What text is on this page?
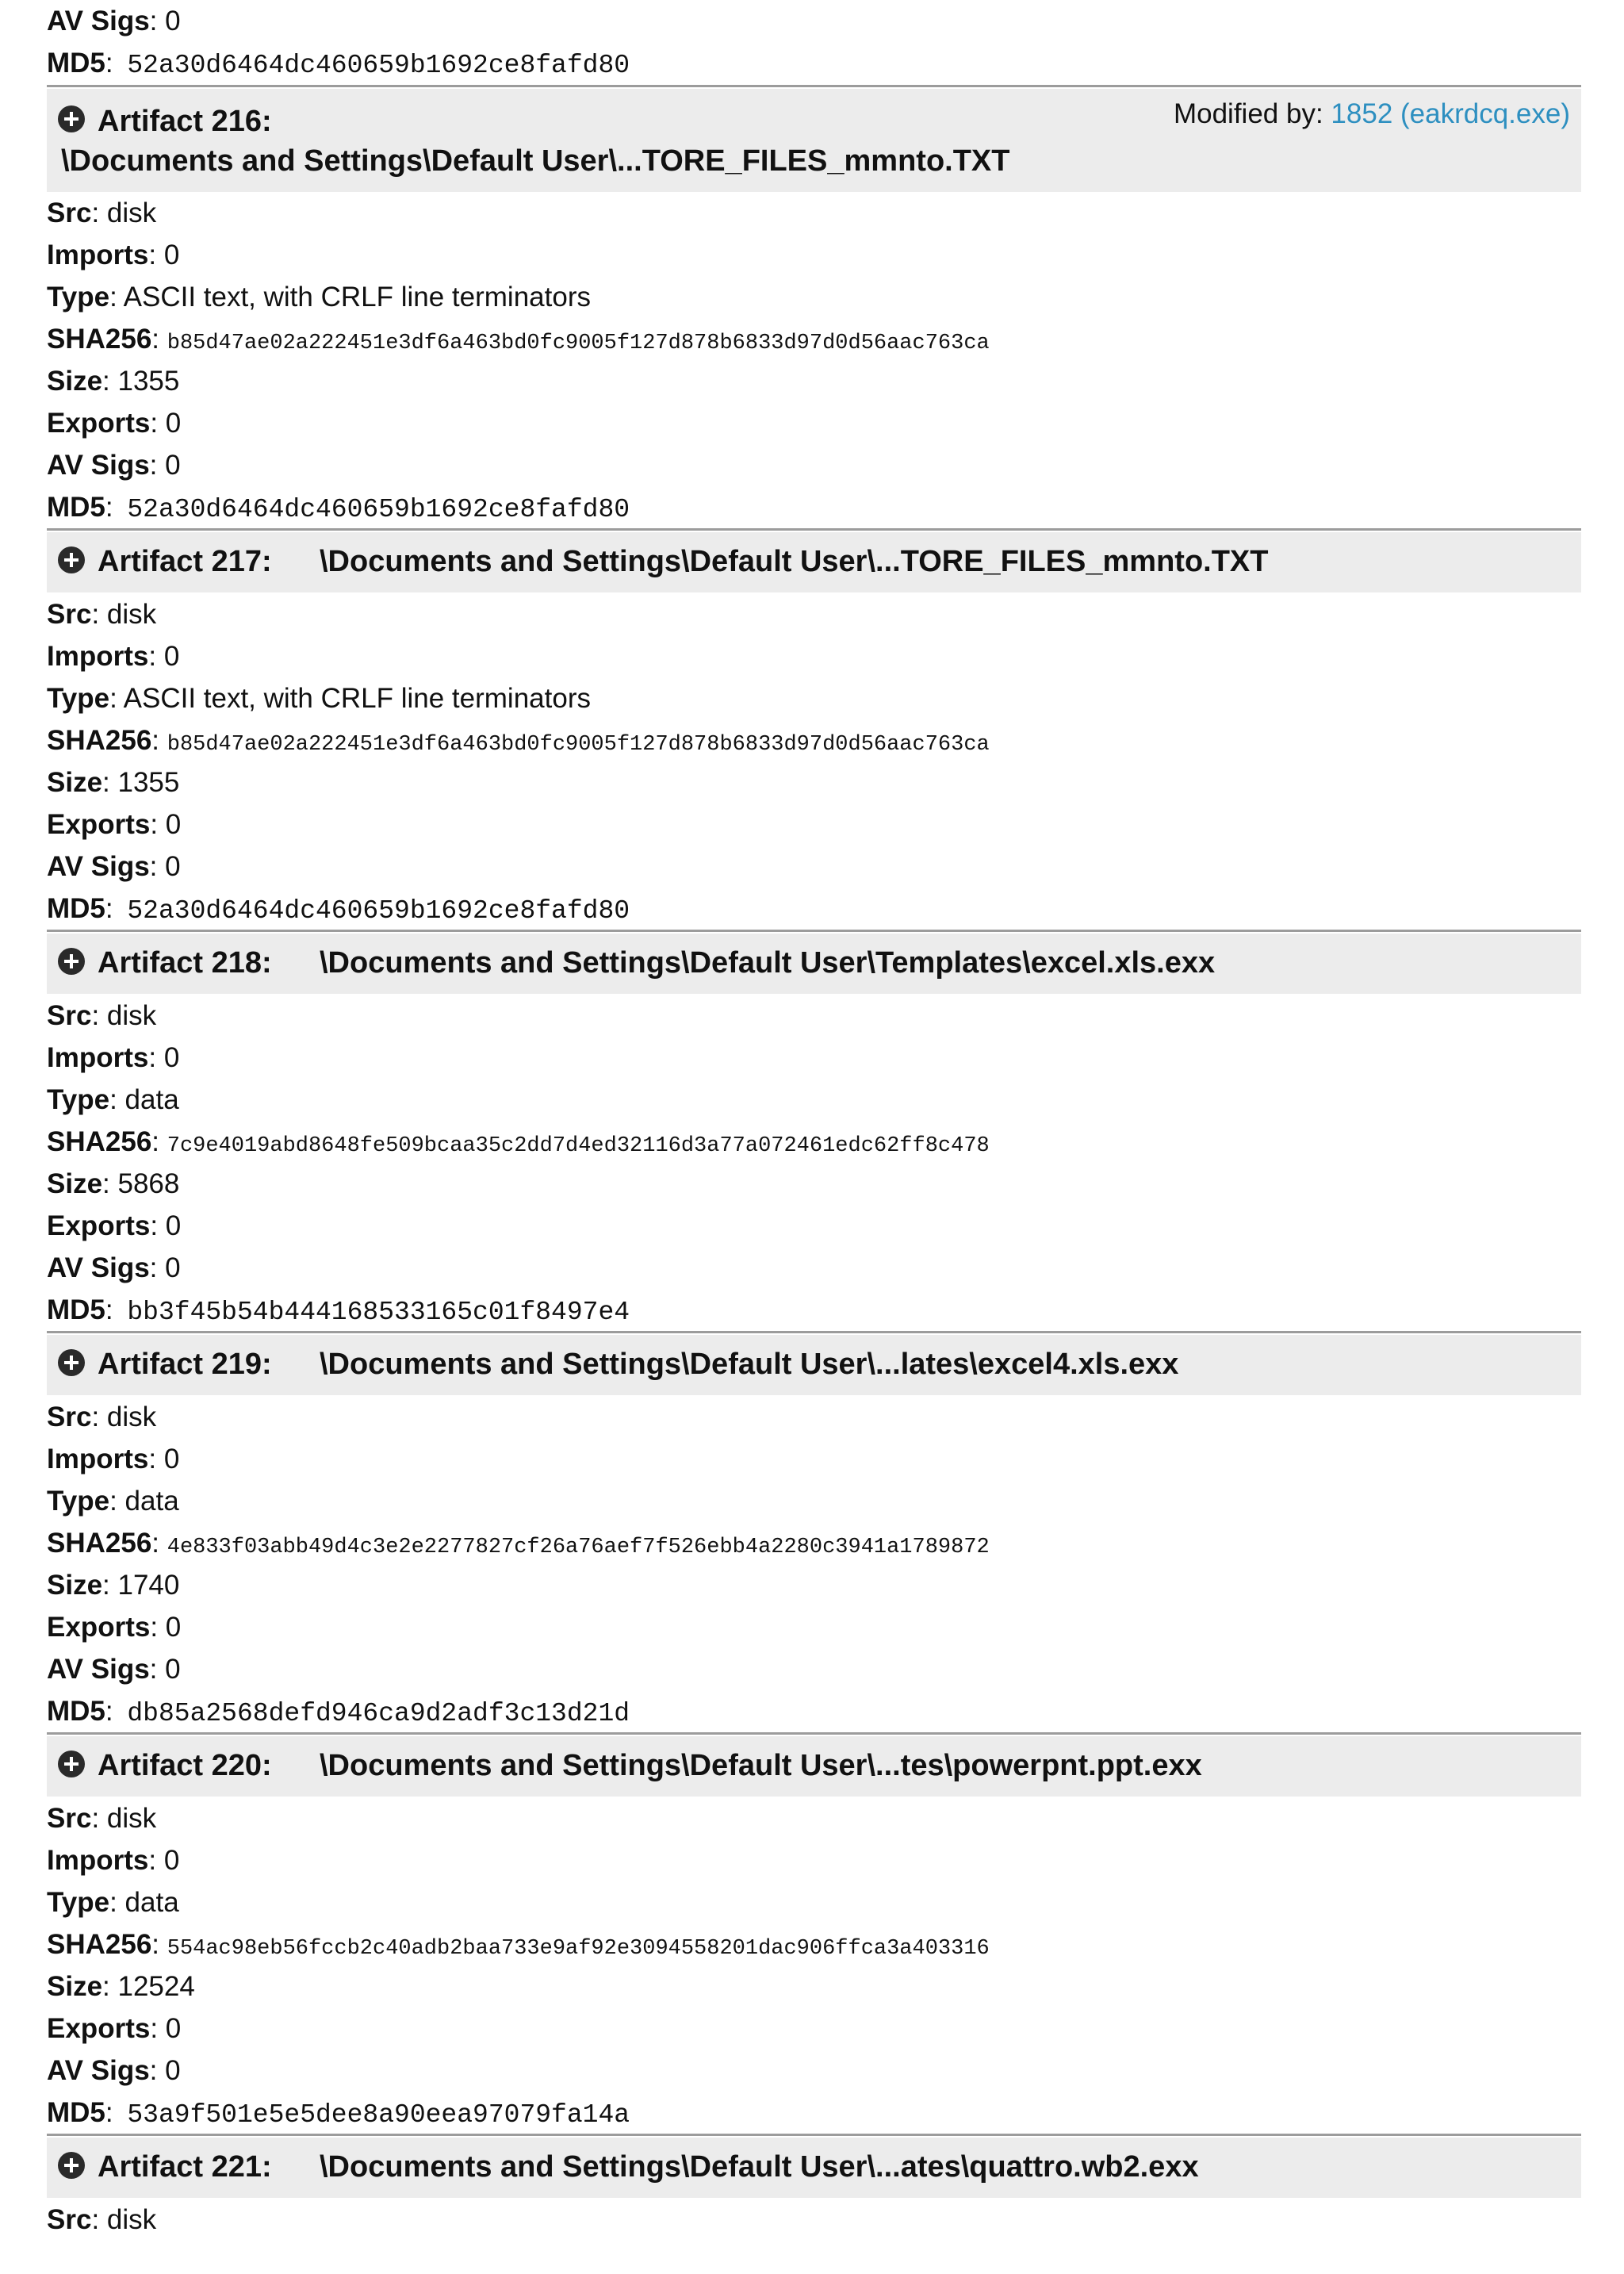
AV Sigs: 0
MD5: 52a30d6464dc460659b1692ce8fafd80
Artifact 216:
\Documents and Settings\Default User\...TORE_FILES_mmnto.TXT
Modified by: 1852 (eakrdcq.exe)
Src: disk
Imports: 0
Type: ASCII text, with CRLF line terminators
SHA256: b85d47ae02a222451e3df6a463bd0fc9005f127d878b6833d97d0d56aac763ca
Size: 1355
Exports: 0
AV Sigs: 0
MD5: 52a30d6464dc460659b1692ce8fafd80
Artifact 217: \Documents and Settings\Default User\...TORE_FILES_mmnto.TXT
Src: disk
Imports: 0
Type: ASCII text, with CRLF line terminators
SHA256: b85d47ae02a222451e3df6a463bd0fc9005f127d878b6833d97d0d56aac763ca
Size: 1355
Exports: 0
AV Sigs: 0
MD5: 52a30d6464dc460659b1692ce8fafd80
Artifact 218: \Documents and Settings\Default User\Templates\excel.xls.exx
Src: disk
Imports: 0
Type: data
SHA256: 7c9e4019abd8648fe509bcaa35c2dd7d4ed32116d3a77a072461edc62ff8c478
Size: 5868
Exports: 0
AV Sigs: 0
MD5: bb3f45b54b444168533165c01f8497e4
Artifact 219: \Documents and Settings\Default User\...lates\excel4.xls.exx
Src: disk
Imports: 0
Type: data
SHA256: 4e833f03abb49d4c3e2e2277827cf26a76aef7f526ebb4a2280c3941a1789872
Size: 1740
Exports: 0
AV Sigs: 0
MD5: db85a2568defd946ca9d2adf3c13d21d
Artifact 220: \Documents and Settings\Default User\...tes\powerpnt.ppt.exx
Src: disk
Imports: 0
Type: data
SHA256: 554ac98eb56fccb2c40adb2baa733e9af92e3094558201dac906ffca3a403316
Size: 12524
Exports: 0
AV Sigs: 0
MD5: 53a9f501e5e5dee8a90eea97079fa14a
Artifact 221: \Documents and Settings\Default User\...ates\quattro.wb2.exx
Src: disk
